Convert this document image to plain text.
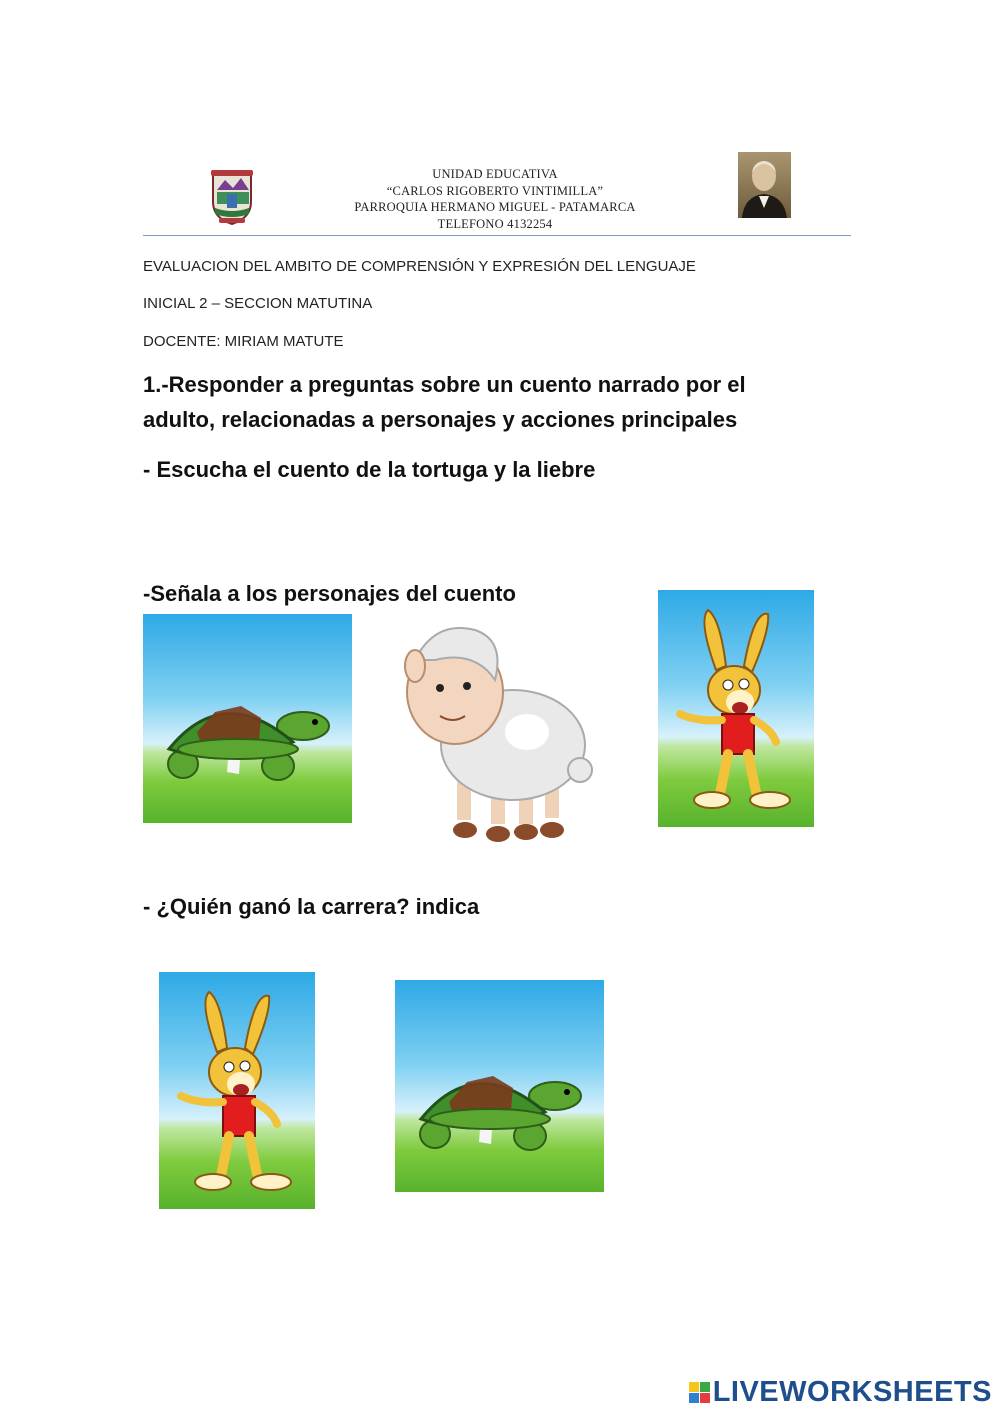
UNIDAD EDUCATIVA
“CARLOS RIGOBERTO VINTIMILLA”
PARROQUIA HERMANO MIGUEL - PATAMARCA
TELEFONO 4132254
EVALUACION DEL AMBITO DE COMPRENSIÓN Y EXPRESIÓN DEL LENGUAJE
INICIAL 2 – SECCION MATUTINA
DOCENTE: MIRIAM MATUTE
1.-Responder a preguntas sobre un cuento narrado por el
adulto, relacionadas a personajes y acciones principales
- Escucha el cuento de la tortuga y la liebre
-Señala a los personajes del cuento
- ¿Quién ganó la carrera? indica
LIVEWORKSHEETS
